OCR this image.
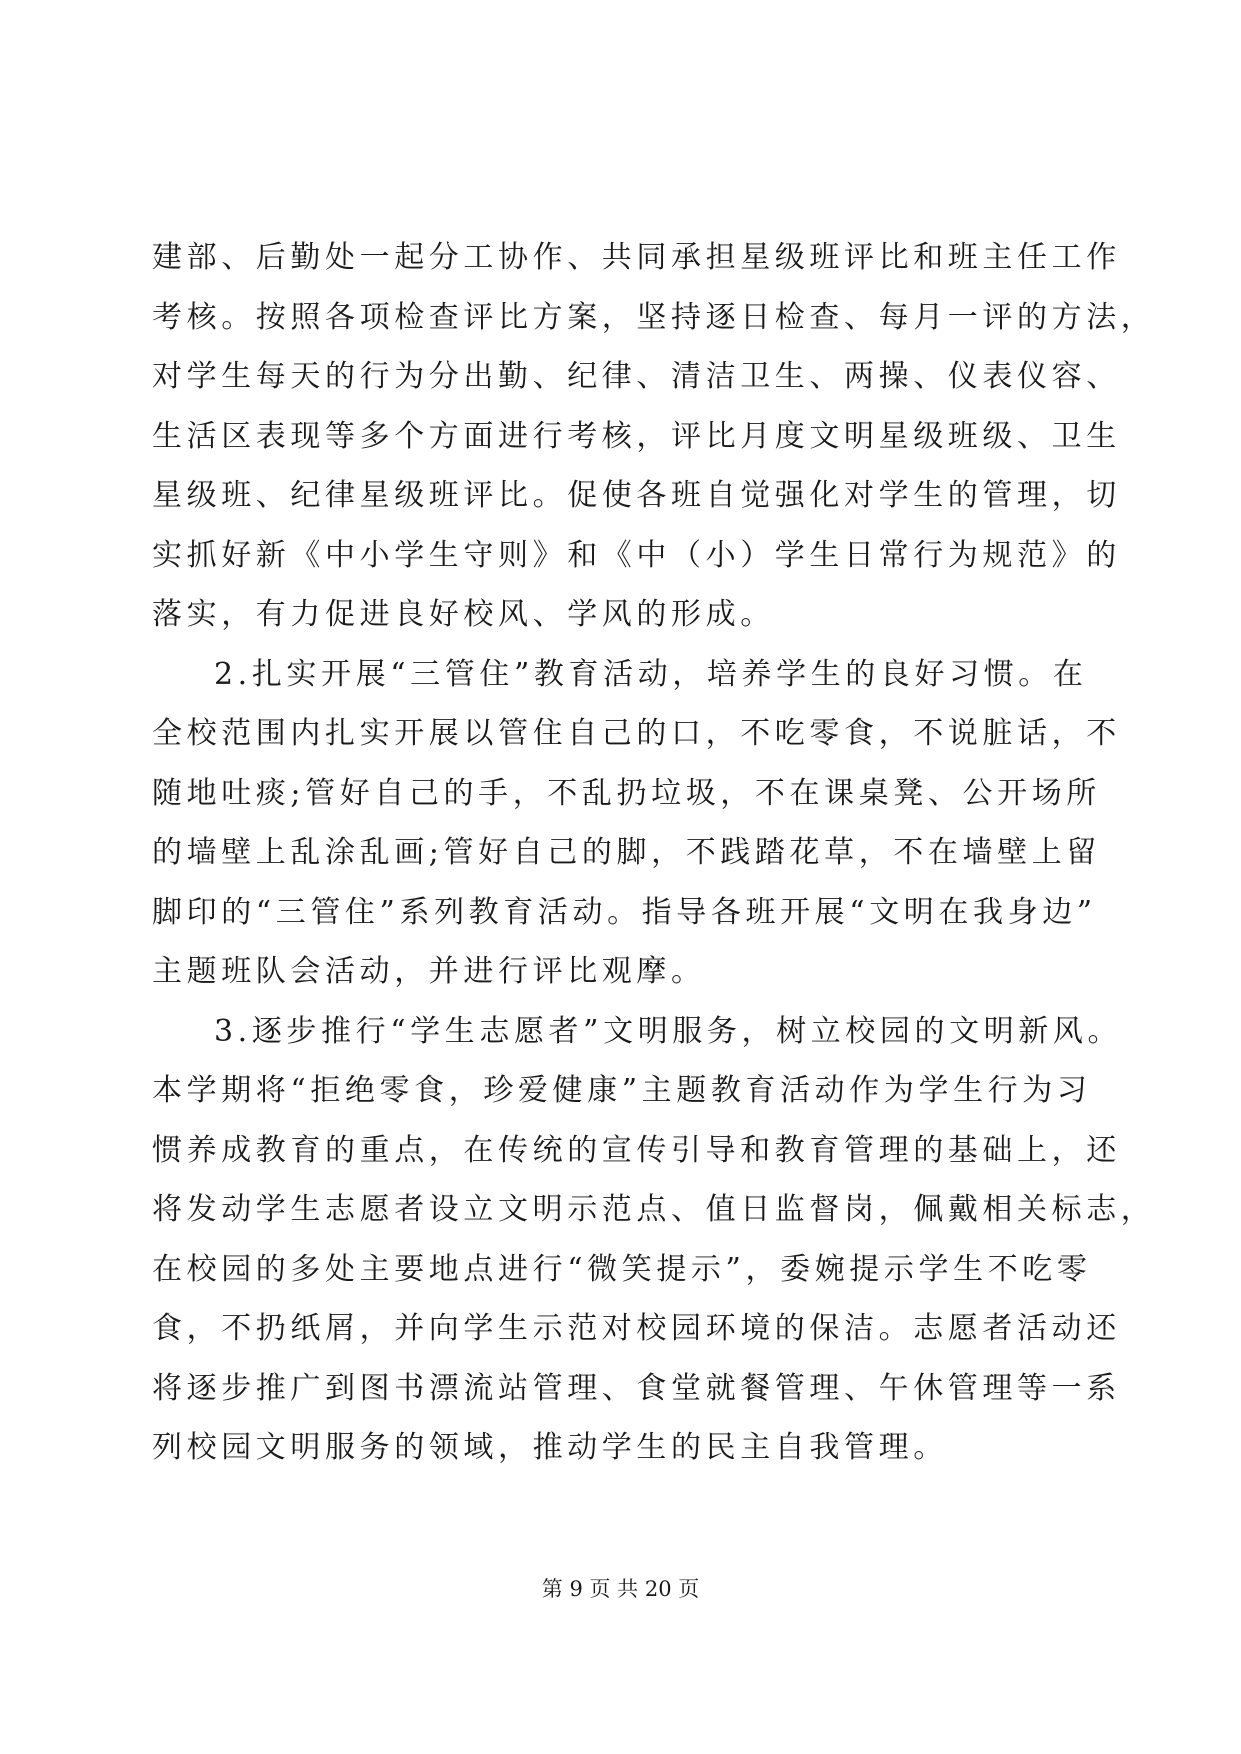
建部、后勤处一起分工协作、共同承担星级班评比和班主任工作
考核。按照各项检查评比方案，坚持逐日检查、每月一评的方法，
对学生每天的行为分出勤、纪律、清洁卫生、两操、仪表仪容、
生活区表现等多个方面进行考核，评比月度文明星级班级、卫生
星级班、纪律星级班评比。促使各班自觉强化对学生的管理，切
实抓好新《中小学生守则》和《中（小）学生日常行为规范》的
落实，有力促进良好校风、学风的形成。
2.扎实开展“三管住”教育活动，培养学生的良好习惯。在
全校范围内扎实开展以管住自己的口，不吃零食，不说脏话，不
随地吐痰;管好自己的手，不乱扔垃圾，不在课桌凳、公开场所
的墙壁上乱涂乱画;管好自己的脚，不践踏花草，不在墙壁上留
脚印的“三管住”系列教育活动。指导各班开展“文明在我身边”
主题班队会活动，并进行评比观摩。
3.逐步推行“学生志愿者”文明服务，树立校园的文明新风。
本学期将“拒绝零食，珍爱健康”主题教育活动作为学生行为习
惯养成教育的重点，在传统的宣传引导和教育管理的基础上，还
将发动学生志愿者设立文明示范点、值日监督岗，佩戴相关标志，
在校园的多处主要地点进行“微笑提示”，委婉提示学生不吃零
食，不扔纸屑，并向学生示范对校园环境的保洁。志愿者活动还
将逐步推广到图书漂流站管理、食堂就餐管理、午休管理等一系
列校园文明服务的领域，推动学生的民主自我管理。
第 9 页 共 20 页
